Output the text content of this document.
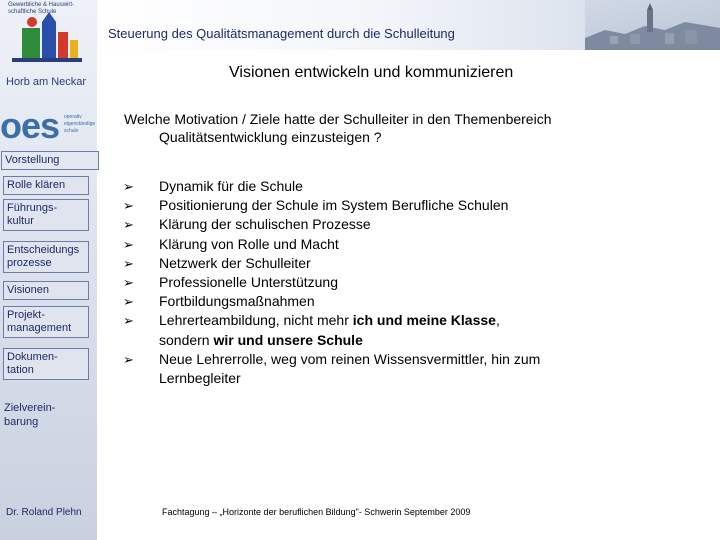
Gewerbliche & Hauswirt-
schaftliche Schule
Horb am Neckar
oes operativ
eigenständige
schule
Steuerung des Qualitätsmanagement durch die Schulleitung
Visionen entwickeln und kommunizieren
Vorstellung
Rolle klären
Führungs-
kultur
Entscheidungs
prozesse
Visionen
Projekt-
management
Dokumen-
tation
Zielverein-
barung
Welche Motivation / Ziele hatte der Schulleiter in den Themenbereich
Qualitätsentwicklung einzusteigen ?
➢ Dynamik für die Schule
➢ Positionierung der Schule im System Berufliche Schulen
➢ Klärung der schulischen Prozesse
➢ Klärung von Rolle und Macht
➢ Netzwerk der Schulleiter
➢ Professionelle Unterstützung
➢ Fortbildungsmaßnahmen
➢ Lehrerteambildung, nicht mehr ich und meine Klasse,
sondern wir und unsere Schule
➢ Neue Lehrerrolle, weg vom reinen Wissensvermittler, hin zum
Lernbegleiter
Dr. Roland Plehn	Fachtagung – „Horizonte der beruflichen Bildung"- Schwerin September 2009
